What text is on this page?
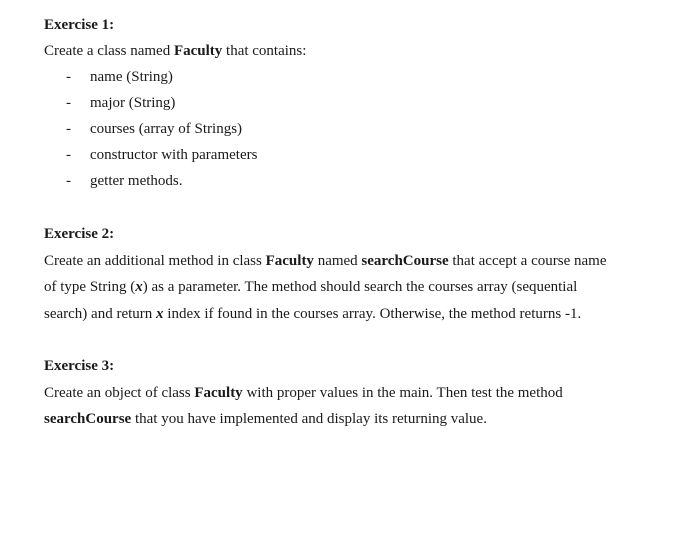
Exercise 1:
Create a class named Faculty that contains:
- name (String)
- major (String)
- courses (array of Strings)
- constructor with parameters
- getter methods.
Exercise 2:
Create an additional method in class Faculty named searchCourse that accept a course name
of type String (x) as a parameter. The method should search the courses array (sequential
search) and return x index if found in the courses array. Otherwise, the method returns -1.
Exercise 3:
Create an object of class Faculty with proper values in the main. Then test the method
searchCourse that you have implemented and display its returning value.
